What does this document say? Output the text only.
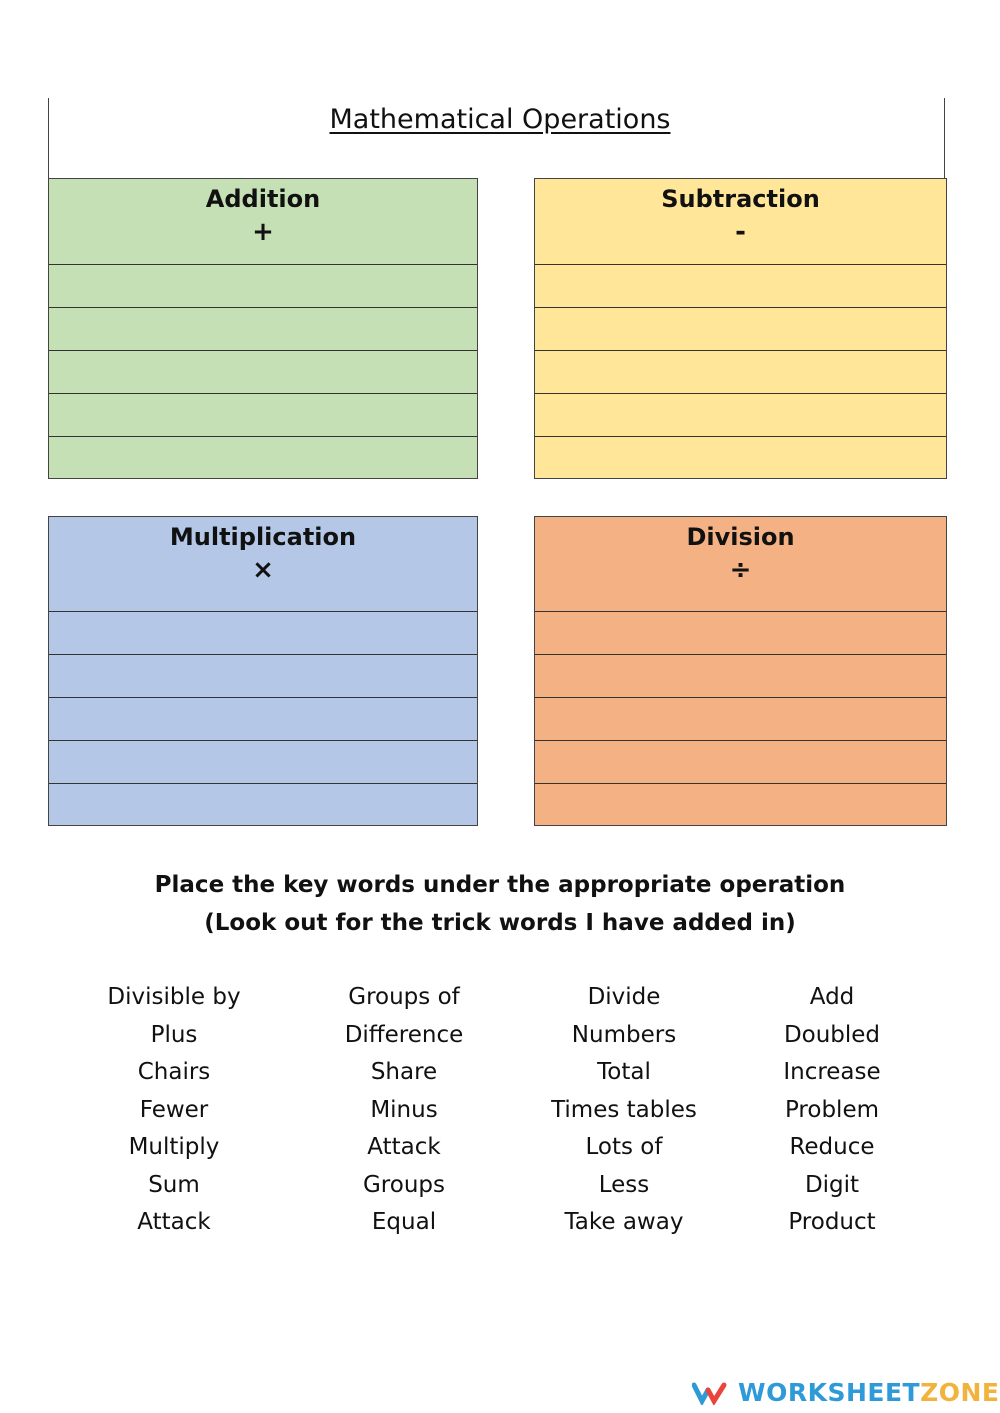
Mathematical Operations
Addition
+
Subtraction
-
Multiplication
×
Division
÷
Place the key words under the appropriate operation
(Look out for the trick words I have added in)
Divisible by
Plus
Chairs
Fewer
Multiply
Sum
Attack
Groups of
Difference
Share
Minus
Attack
Groups
Equal
Divide
Numbers
Total
Times tables
Lots of
Less
Take away
Add
Doubled
Increase
Problem
Reduce
Digit
Product
WORKSHEETZONE
